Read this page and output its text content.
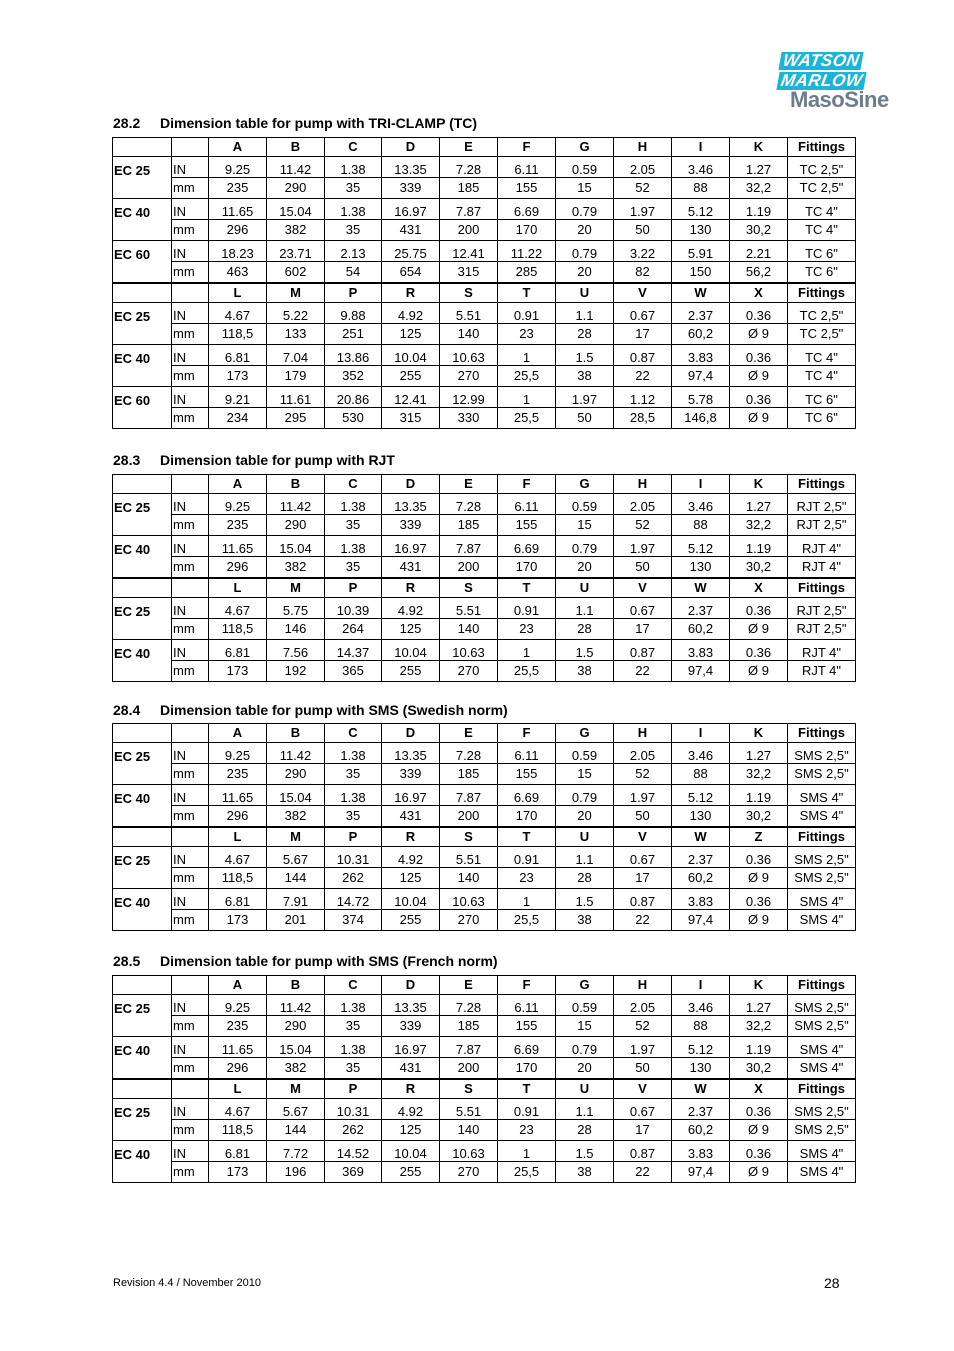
WATSON
MARLOW
MasoSine
28.2 Dimension table for pump with TRI-CLAMP (TC)
		A	B	C	D	E	F	G	H	I	K	Fittings
EC 25	IN	9.25	11.42	1.38	13.35	7.28	6.11	0.59	2.05	3.46	1.27	TC 2,5"
	mm	235	290	35	339	185	155	15	52	88	32,2	TC 2,5"
EC 40	IN	11.65	15.04	1.38	16.97	7.87	6.69	0.79	1.97	5.12	1.19	TC 4"
	mm	296	382	35	431	200	170	20	50	130	30,2	TC 4"
EC 60	IN	18.23	23.71	2.13	25.75	12.41	11.22	0.79	3.22	5.91	2.21	TC 6"
	mm	463	602	54	654	315	285	20	82	150	56,2	TC 6"
		L	M	P	R	S	T	U	V	W	X	Fittings
EC 25	IN	4.67	5.22	9.88	4.92	5.51	0.91	1.1	0.67	2.37	0.36	TC 2,5"
	mm	118,5	133	251	125	140	23	28	17	60,2	Ø 9	TC 2,5"
EC 40	IN	6.81	7.04	13.86	10.04	10.63	1	1.5	0.87	3.83	0.36	TC 4"
	mm	173	179	352	255	270	25,5	38	22	97,4	Ø 9	TC 4"
EC 60	IN	9.21	11.61	20.86	12.41	12.99	1	1.97	1.12	5.78	0.36	TC 6"
	mm	234	295	530	315	330	25,5	50	28,5	146,8	Ø 9	TC 6"
28.3 Dimension table for pump with RJT
		A	B	C	D	E	F	G	H	I	K	Fittings
EC 25	IN	9.25	11.42	1.38	13.35	7.28	6.11	0.59	2.05	3.46	1.27	RJT 2,5"
	mm	235	290	35	339	185	155	15	52	88	32,2	RJT 2,5"
EC 40	IN	11.65	15.04	1.38	16.97	7.87	6.69	0.79	1.97	5.12	1.19	RJT 4"
	mm	296	382	35	431	200	170	20	50	130	30,2	RJT 4"
		L	M	P	R	S	T	U	V	W	X	Fittings
EC 25	IN	4.67	5.75	10.39	4.92	5.51	0.91	1.1	0.67	2.37	0.36	RJT 2,5"
	mm	118,5	146	264	125	140	23	28	17	60,2	Ø 9	RJT 2,5"
EC 40	IN	6.81	7.56	14.37	10.04	10.63	1	1.5	0.87	3.83	0.36	RJT 4"
	mm	173	192	365	255	270	25,5	38	22	97,4	Ø 9	RJT 4"
28.4 Dimension table for pump with SMS (Swedish norm)
		A	B	C	D	E	F	G	H	I	K	Fittings
EC 25	IN	9.25	11.42	1.38	13.35	7.28	6.11	0.59	2.05	3.46	1.27	SMS 2,5"
	mm	235	290	35	339	185	155	15	52	88	32,2	SMS 2,5"
EC 40	IN	11.65	15.04	1.38	16.97	7.87	6.69	0.79	1.97	5.12	1.19	SMS 4"
	mm	296	382	35	431	200	170	20	50	130	30,2	SMS 4"
		L	M	P	R	S	T	U	V	W	Z	Fittings
EC 25	IN	4.67	5.67	10.31	4.92	5.51	0.91	1.1	0.67	2.37	0.36	SMS 2,5"
	mm	118,5	144	262	125	140	23	28	17	60,2	Ø 9	SMS 2,5"
EC 40	IN	6.81	7.91	14.72	10.04	10.63	1	1.5	0.87	3.83	0.36	SMS 4"
	mm	173	201	374	255	270	25,5	38	22	97,4	Ø 9	SMS 4"
28.5 Dimension table for pump with SMS (French norm)
		A	B	C	D	E	F	G	H	I	K	Fittings
EC 25	IN	9.25	11.42	1.38	13.35	7.28	6.11	0.59	2.05	3.46	1.27	SMS 2,5"
	mm	235	290	35	339	185	155	15	52	88	32,2	SMS 2,5"
EC 40	IN	11.65	15.04	1.38	16.97	7.87	6.69	0.79	1.97	5.12	1.19	SMS 4"
	mm	296	382	35	431	200	170	20	50	130	30,2	SMS 4"
		L	M	P	R	S	T	U	V	W	X	Fittings
EC 25	IN	4.67	5.67	10.31	4.92	5.51	0.91	1.1	0.67	2.37	0.36	SMS 2,5"
	mm	118,5	144	262	125	140	23	28	17	60,2	Ø 9	SMS 2,5"
EC 40	IN	6.81	7.72	14.52	10.04	10.63	1	1.5	0.87	3.83	0.36	SMS 4"
	mm	173	196	369	255	270	25,5	38	22	97,4	Ø 9	SMS 4"
Revision 4.4 / November 2010	28
